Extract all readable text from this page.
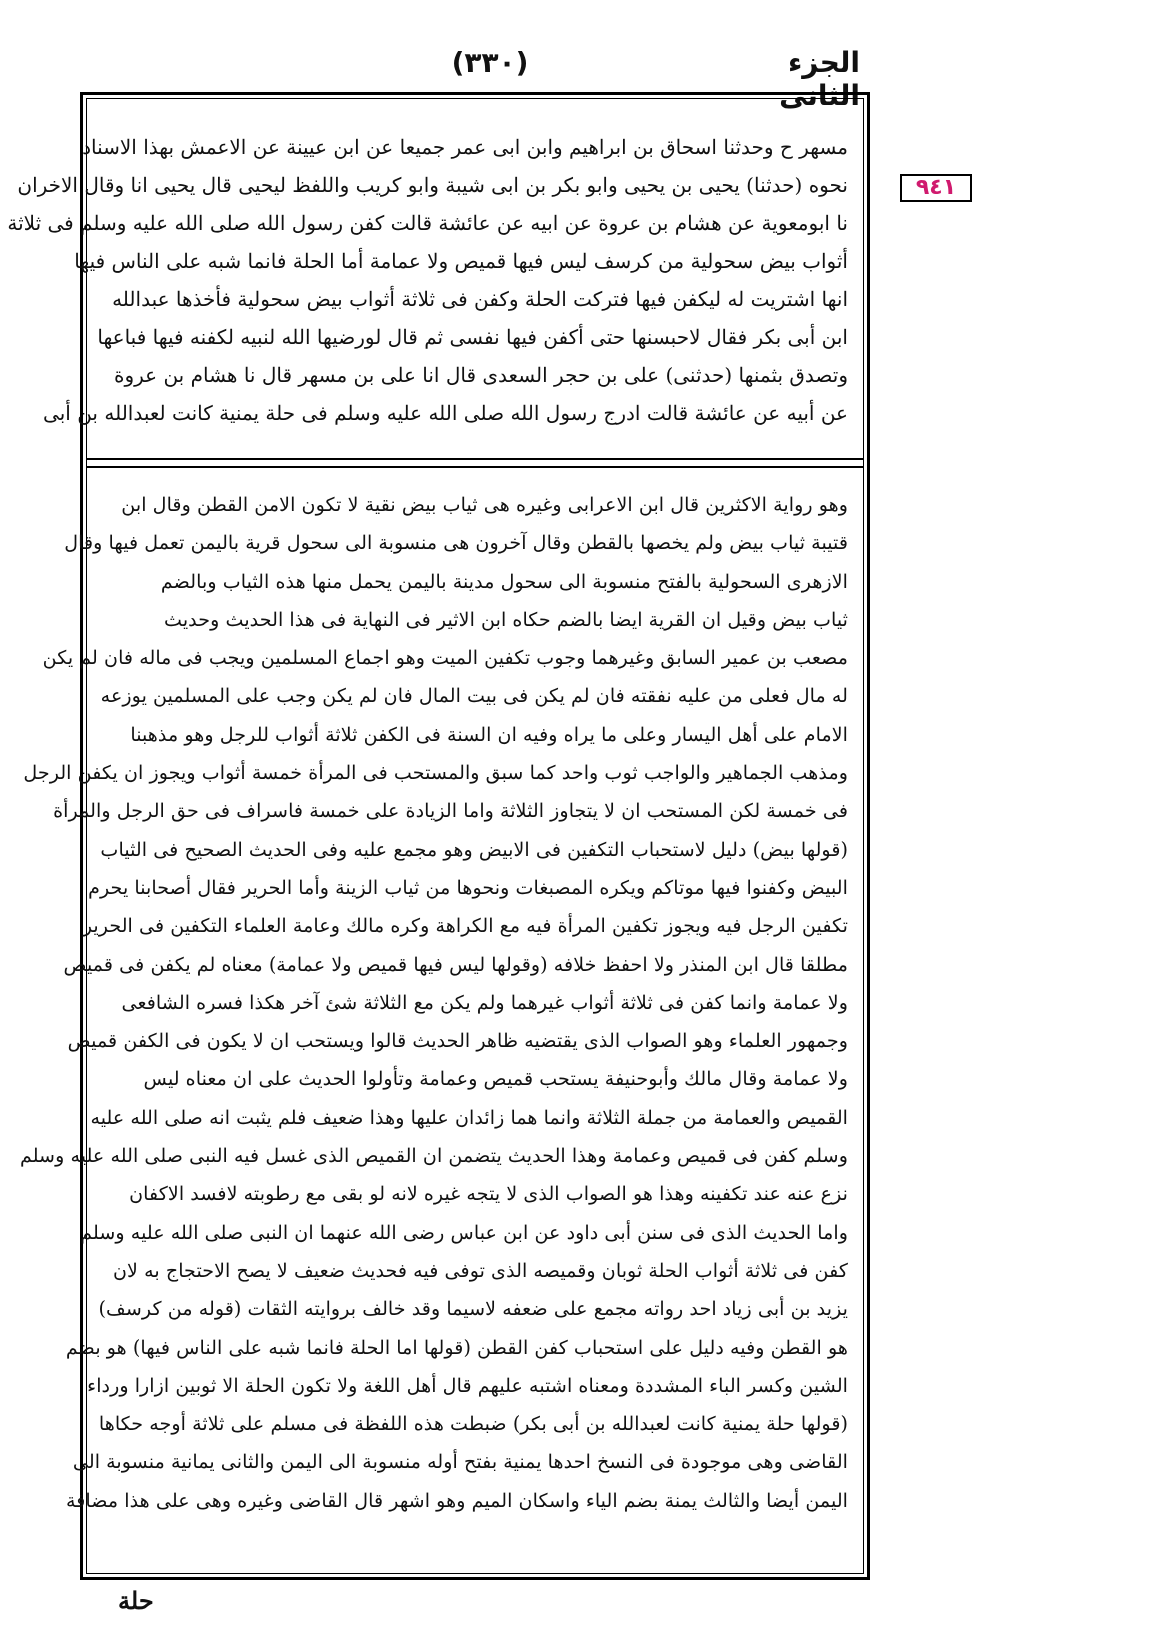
الجزء الثانى
(٣٣٠)
٩٤١
مسهر ح وحدثنا اسحاق بن ابراهيم وابن ابى عمر جميعا عن ابن عيينة عن الاعمش بهذا الاسناد
نحوه (حدثنا) يحيى بن يحيى وابو بكر بن ابى شيبة وابو كريب واللفظ ليحيى قال يحيى انا وقال الاخران
نا ابومعوية عن هشام بن عروة عن ابيه عن عائشة قالت كفن رسول الله صلى الله عليه وسلم فى ثلاثة
أثواب بيض سحولية من كرسف ليس فيها قميص ولا عمامة أما الحلة فانما شبه على الناس فيها
انها اشتريت له ليكفن فيها فتركت الحلة وكفن فى ثلاثة أثواب بيض سحولية فأخذها عبدالله
ابن أبى بكر فقال لاحبسنها حتى أكفن فيها نفسى ثم قال لورضيها الله لنبيه لكفنه فيها فباعها
وتصدق بثمنها (حدثنى) على بن حجر السعدى قال انا على بن مسهر قال نا هشام بن عروة
عن أبيه عن عائشة قالت ادرج رسول الله صلى الله عليه وسلم فى حلة يمنية كانت لعبدالله بن أبى
وهو رواية الاكثرين قال ابن الاعرابى وغيره هى ثياب بيض نقية لا تكون الامن القطن وقال ابن
قتيبة ثياب بيض ولم يخصها بالقطن وقال آخرون هى منسوبة الى سحول قرية باليمن تعمل فيها وقال
الازهرى السحولية بالفتح منسوبة الى سحول مدينة باليمن يحمل منها هذه الثياب وبالضم
ثياب بيض وقيل ان القرية ايضا بالضم حكاه ابن الاثير فى النهاية فى هذا الحديث وحديث
مصعب بن عمير السابق وغيرهما وجوب تكفين الميت وهو اجماع المسلمين ويجب فى ماله فان لم يكن
له مال فعلى من عليه نفقته فان لم يكن فى بيت المال فان لم يكن وجب على المسلمين يوزعه
الامام على أهل اليسار وعلى ما يراه وفيه ان السنة فى الكفن ثلاثة أثواب للرجل وهو مذهبنا
ومذهب الجماهير والواجب ثوب واحد كما سبق والمستحب فى المرأة خمسة أثواب ويجوز ان يكفن الرجل
فى خمسة لكن المستحب ان لا يتجاوز الثلاثة واما الزيادة على خمسة فاسراف فى حق الرجل والمرأة
(قولها بيض) دليل لاستحباب التكفين فى الابيض وهو مجمع عليه وفى الحديث الصحيح فى الثياب
البيض وكفنوا فيها موتاكم ويكره المصبغات ونحوها من ثياب الزينة وأما الحرير فقال أصحابنا يحرم
تكفين الرجل فيه ويجوز تكفين المرأة فيه مع الكراهة وكره مالك وعامة العلماء التكفين فى الحرير
مطلقا قال ابن المنذر ولا احفظ خلافه (وقولها ليس فيها قميص ولا عمامة) معناه لم يكفن فى قميص
ولا عمامة وانما كفن فى ثلاثة أثواب غيرهما ولم يكن مع الثلاثة شئ آخر هكذا فسره الشافعى
وجمهور العلماء وهو الصواب الذى يقتضيه ظاهر الحديث قالوا ويستحب ان لا يكون فى الكفن قميص
ولا عمامة وقال مالك وأبوحنيفة يستحب قميص وعمامة وتأولوا الحديث على ان معناه ليس
القميص والعمامة من جملة الثلاثة وانما هما زائدان عليها وهذا ضعيف فلم يثبت انه صلى الله عليه
وسلم كفن فى قميص وعمامة وهذا الحديث يتضمن ان القميص الذى غسل فيه النبى صلى الله عليه وسلم
نزع عنه عند تكفينه وهذا هو الصواب الذى لا يتجه غيره لانه لو بقى مع رطوبته لافسد الاكفان
واما الحديث الذى فى سنن أبى داود عن ابن عباس رضى الله عنهما ان النبى صلى الله عليه وسلم
كفن فى ثلاثة أثواب الحلة ثوبان وقميصه الذى توفى فيه فحديث ضعيف لا يصح الاحتجاج به لان
يزيد بن أبى زياد احد رواته مجمع على ضعفه لاسيما وقد خالف بروايته الثقات (قوله من كرسف)
هو القطن وفيه دليل على استحباب كفن القطن (قولها اما الحلة فانما شبه على الناس فيها) هو بضم
الشين وكسر الباء المشددة ومعناه اشتبه عليهم قال أهل اللغة ولا تكون الحلة الا ثوبين ازارا ورداء
(قولها حلة يمنية كانت لعبدالله بن أبى بكر) ضبطت هذه اللفظة فى مسلم على ثلاثة أوجه حكاها
القاضى وهى موجودة فى النسخ احدها يمنية بفتح أوله منسوبة الى اليمن والثانى يمانية منسوبة الى
اليمن أيضا والثالث يمنة بضم الياء واسكان الميم وهو اشهر قال القاضى وغيره وهى على هذا مضافة
حلة
